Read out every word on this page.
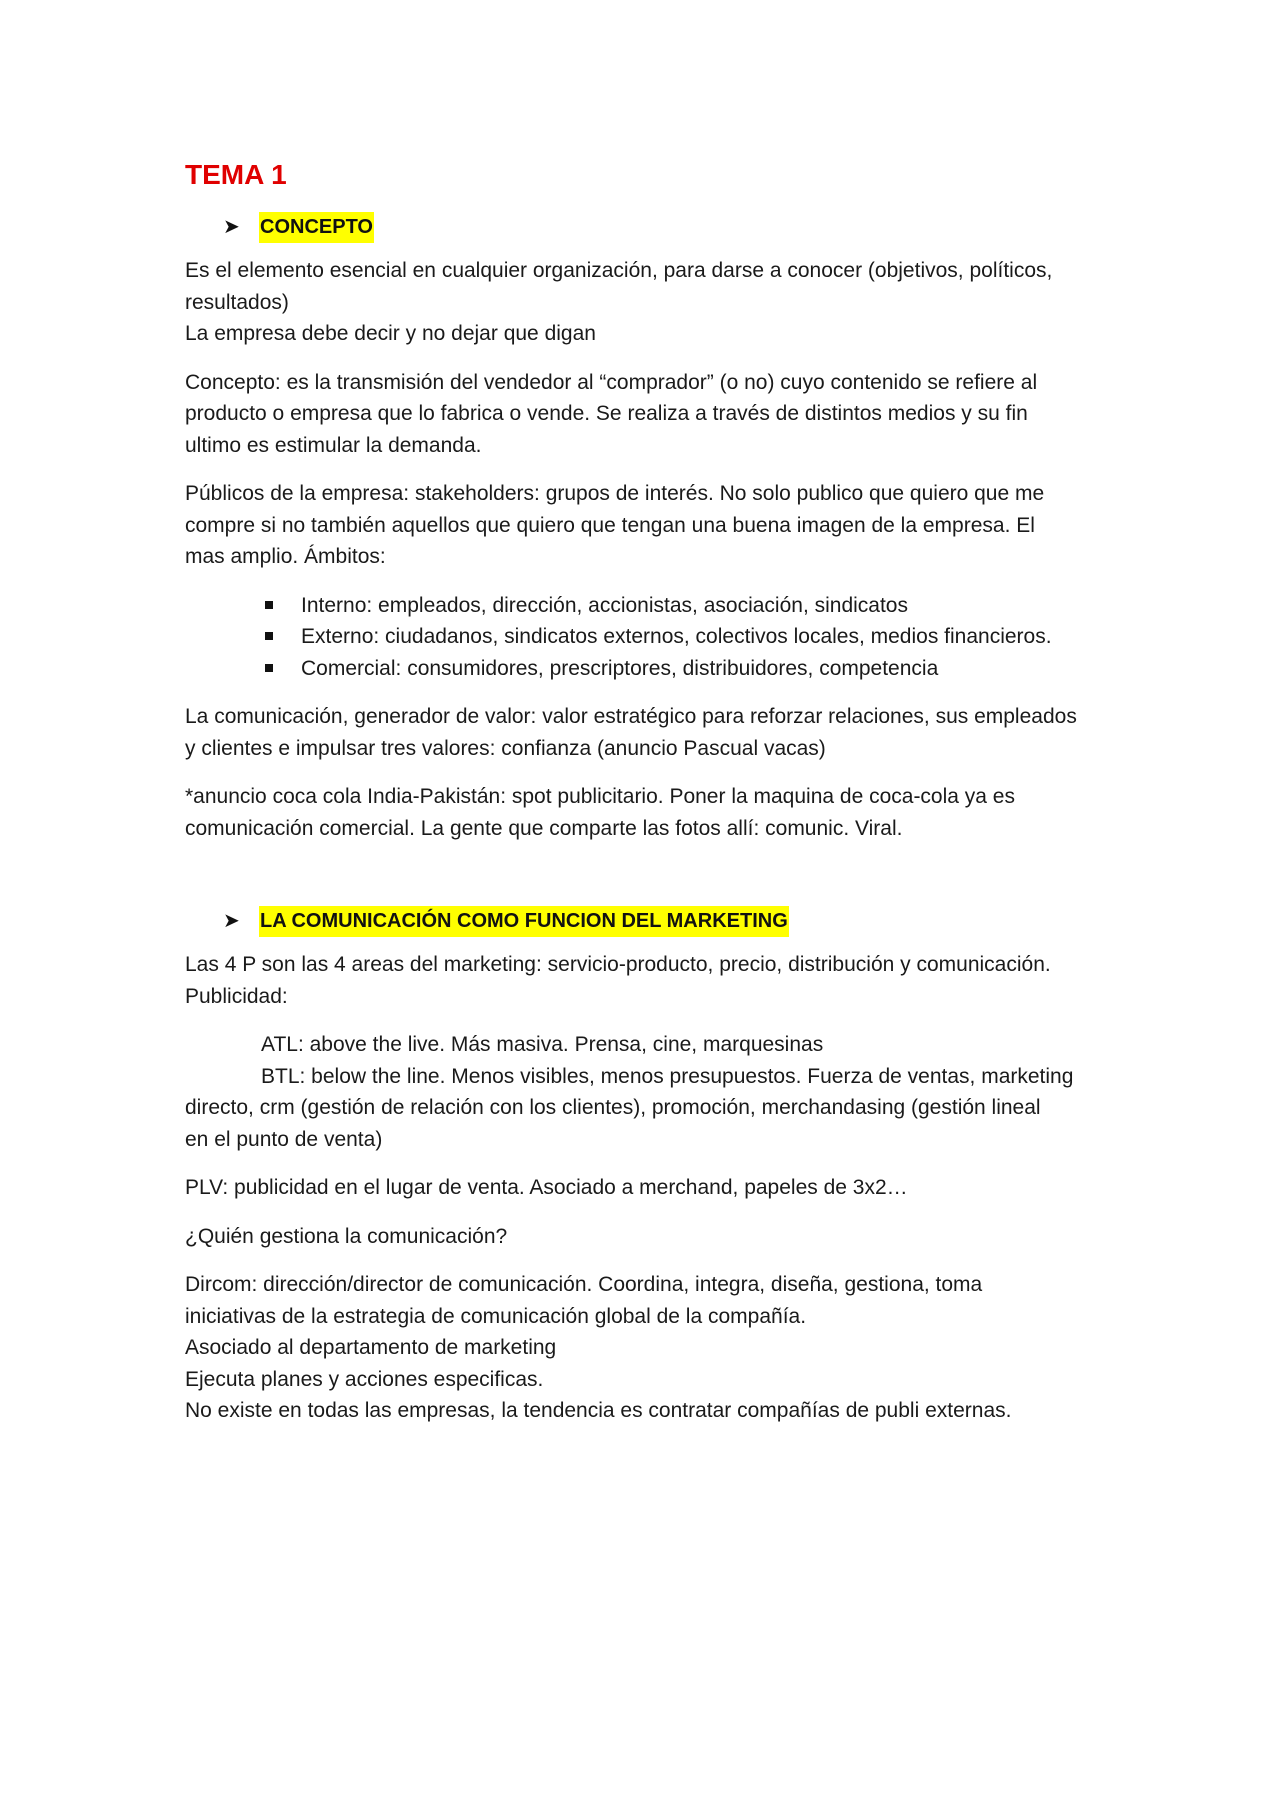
TEMA 1
➤	CONCEPTO

Es el elemento esencial en cualquier organización, para darse a conocer (objetivos, políticos,
resultados)
La empresa debe decir y no dejar que digan

Concepto: es la transmisión del vendedor al “comprador” (o no) cuyo contenido se refiere al
producto o empresa que lo fabrica o vende. Se realiza a través de distintos medios y su fin
ultimo es estimular la demanda.

Públicos de la empresa: stakeholders: grupos de interés. No solo publico que quiero que me
compre si no también aquellos que quiero que tengan una buena imagen de la empresa. El
mas amplio. Ámbitos:

Interno: empleados, dirección, accionistas, asociación, sindicatos
Externo: ciudadanos, sindicatos externos, colectivos locales, medios financieros.
Comercial: consumidores, prescriptores, distribuidores, competencia

La comunicación, generador de valor: valor estratégico para reforzar relaciones, sus empleados
y clientes e impulsar tres valores: confianza (anuncio Pascual vacas)

*anuncio coca cola India-Pakistán: spot publicitario. Poner la maquina de coca-cola ya es
comunicación comercial. La gente que comparte las fotos allí: comunic. Viral.

➤	LA COMUNICACIÓN COMO FUNCION DEL MARKETING

Las 4 P son las 4 areas del marketing: servicio-producto, precio, distribución y comunicación.
Publicidad:

ATL: above the live. Más masiva. Prensa, cine, marquesinas
BTL: below the line. Menos visibles, menos presupuestos. Fuerza de ventas, marketing
directo, crm (gestión de relación con los clientes), promoción, merchandasing (gestión lineal
en el punto de venta)

PLV: publicidad en el lugar de venta. Asociado a merchand, papeles de 3x2…

¿Quién gestiona la comunicación?

Dircom: dirección/director de comunicación. Coordina, integra, diseña, gestiona, toma
iniciativas de la estrategia de comunicación global de la compañía.
Asociado al departamento de marketing
Ejecuta planes y acciones especificas.
No existe en todas las empresas, la tendencia es contratar compañías de publi externas.
